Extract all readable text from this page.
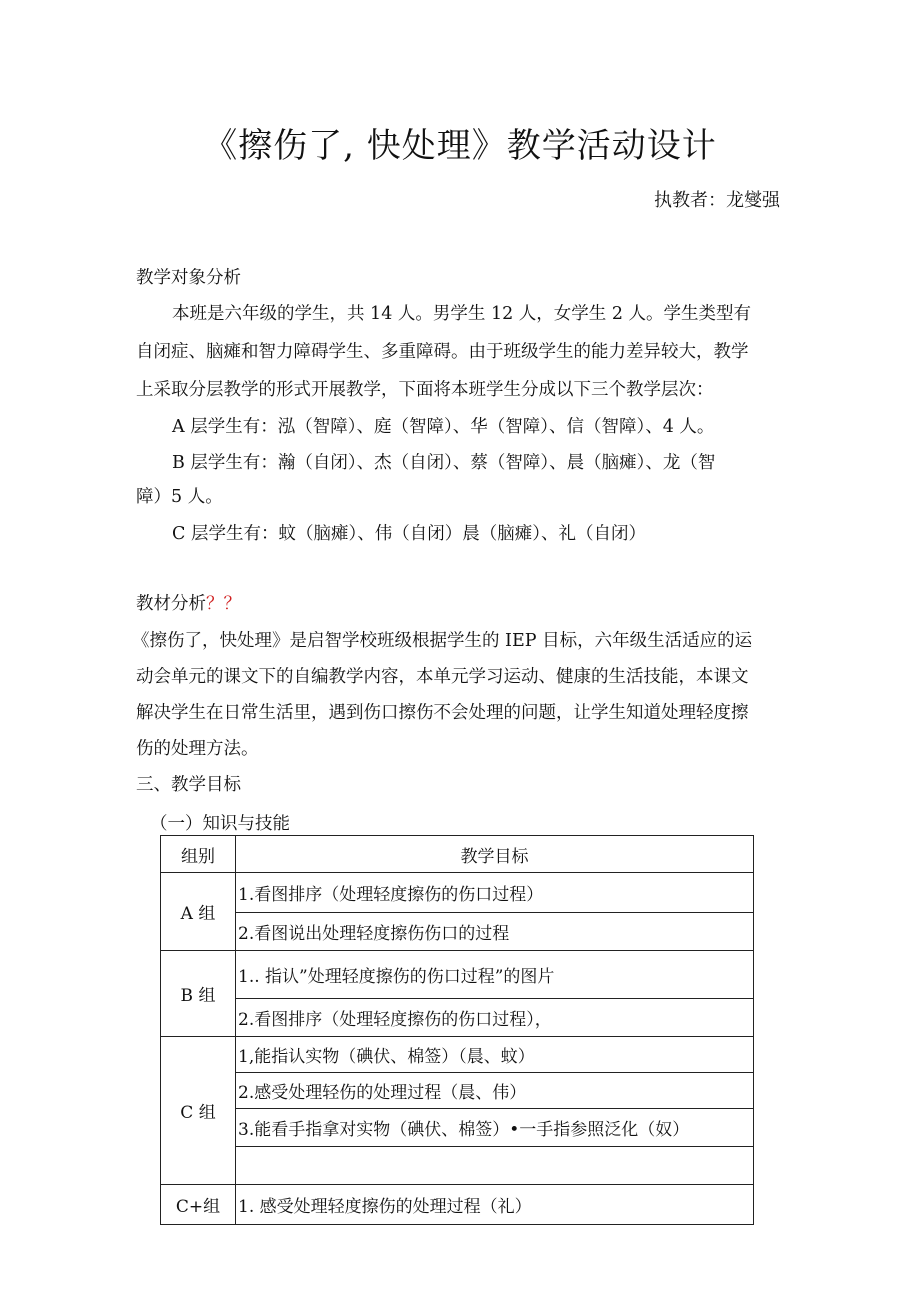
《擦伤了, 快处理》教学活动设计
执教者：龙燮强
教学对象分析
本班是六年级的学生，共 14 人。男学生 12 人，女学生 2 人。学生类型有
自闭症、脑瘫和智力障碍学生、多重障碍。由于班级学生的能力差异较大，教学
上采取分层教学的形式开展教学，下面将本班学生分成以下三个教学层次：
A 层学生有：泓（智障）、庭（智障）、华（智障）、信（智障）、4 人。
B 层学生有：瀚（自闭）、杰（自闭）、蔡（智障）、晨（脑瘫）、龙（智
障）5 人。
C 层学生有：蚊（脑瘫）、伟（自闭）晨（脑瘫）、礼（自闭）
教材分析？？
《擦伤了，快处理》是启智学校班级根据学生的 IEP 目标，六年级生活适应的运
动会单元的课文下的自编教学内容，本单元学习运动、健康的生活技能，本课文
解决学生在日常生活里，遇到伤口擦伤不会处理的问题，让学生知道处理轻度擦
伤的处理方法。
三、教学目标
（一）知识与技能
组别	教学目标
A 组	1.看图排序（处理轻度擦伤的伤口过程）
	2.看图说出处理轻度擦伤伤口的过程
B 组	1.. 指认”处理轻度擦伤的伤口过程”的图片
	2.看图排序（处理轻度擦伤的伤口过程），
C 组	1,能指认实物（碘伏、棉签）（晨、蚊）
	2.感受处理轻伤的处理过程（晨、伟）
	3.能看手指拿对实物（碘伏、棉签）•一手指参照泛化（奴）

C+组	1. 感受处理轻度擦伤的处理过程（礼）
